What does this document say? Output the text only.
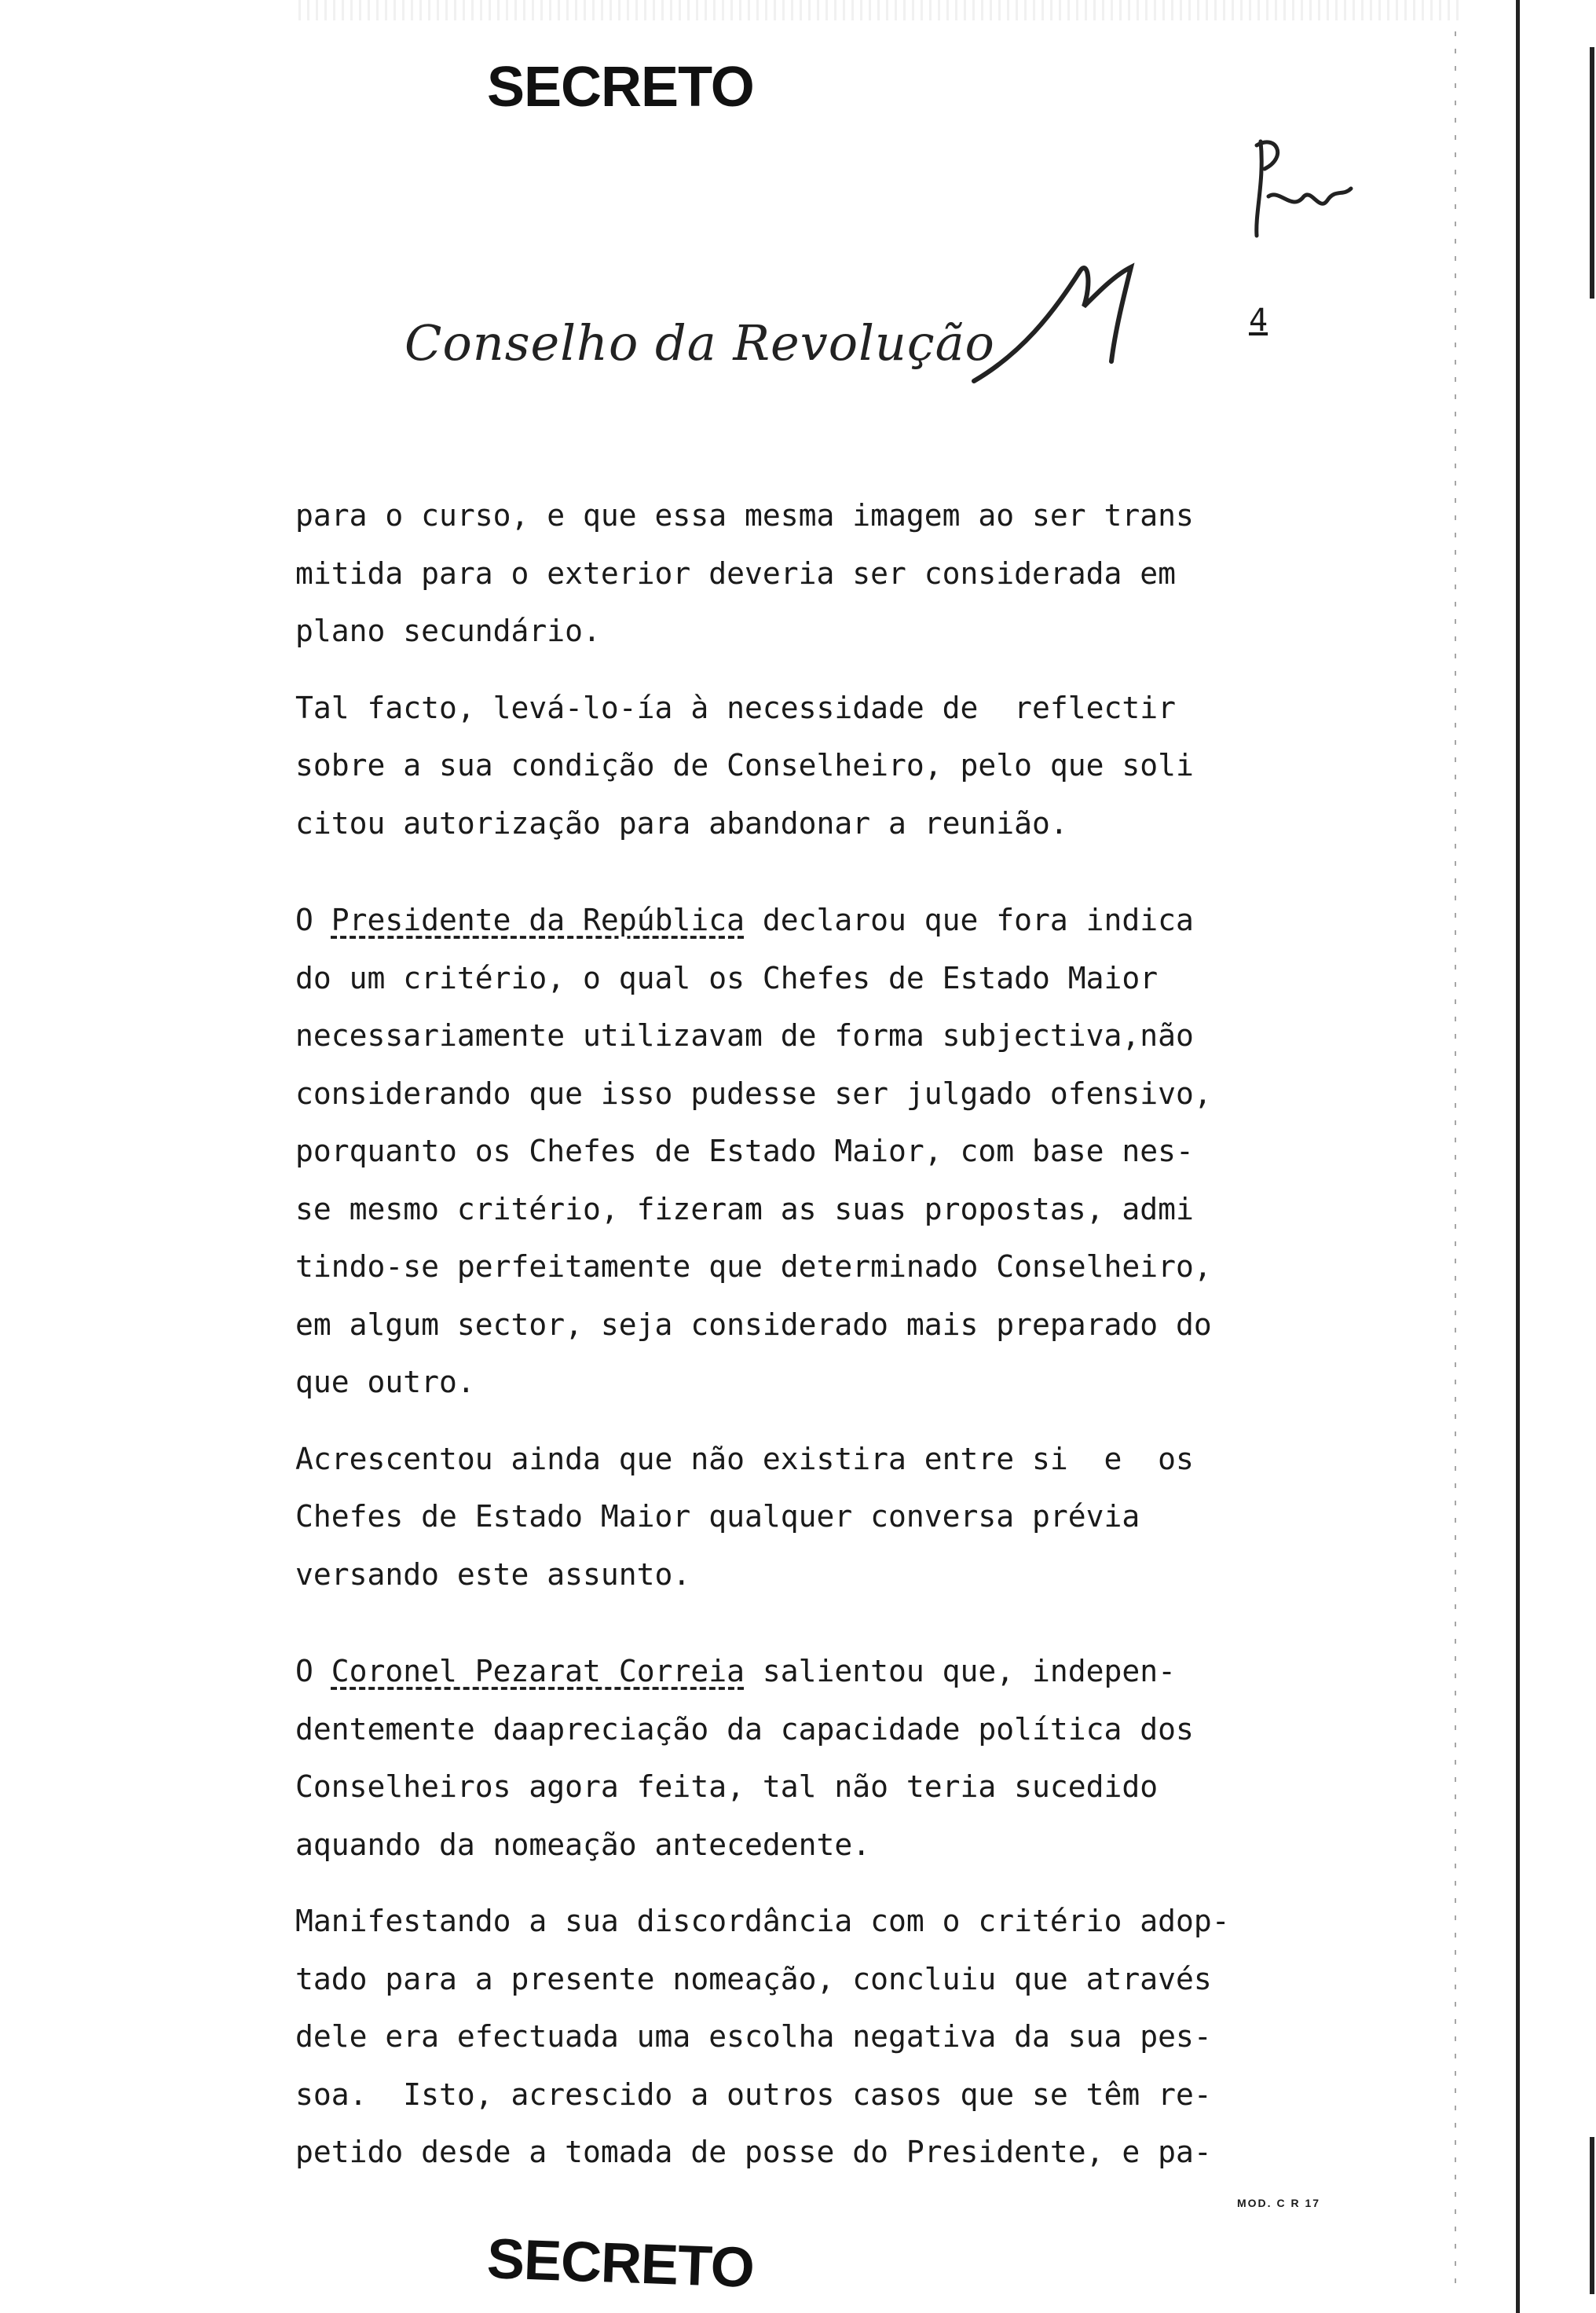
SECRETO
Conselho da Revolução	4
para o curso, e que essa mesma imagem ao ser trans
mitida para o exterior deveria ser considerada em
plano secundário.
Tal facto, levá-lo-ía à necessidade de  reflectir
sobre a sua condição de Conselheiro, pelo que soli
citou autorização para abandonar a reunião.
O Presidente da República declarou que fora indica
do um critério, o qual os Chefes de Estado Maior
necessariamente utilizavam de forma subjectiva,não
considerando que isso pudesse ser julgado ofensivo,
porquanto os Chefes de Estado Maior, com base nes-
se mesmo critério, fizeram as suas propostas, admi
tindo-se perfeitamente que determinado Conselheiro,
em algum sector, seja considerado mais preparado do
que outro.
Acrescentou ainda que não existira entre si  e  os
Chefes de Estado Maior qualquer conversa prévia
versando este assunto.
O Coronel Pezarat Correia salientou que, indepen-
dentemente daapreciação da capacidade política dos
Conselheiros agora feita, tal não teria sucedido
aquando da nomeação antecedente.
Manifestando a sua discordância com o critério adop-
tado para a presente nomeação, concluiu que através
dele era efectuada uma escolha negativa da sua pes-
soa.  Isto, acrescido a outros casos que se têm re-
petido desde a tomada de posse do Presidente, e pa-
MOD. C R 17
SECRETO
